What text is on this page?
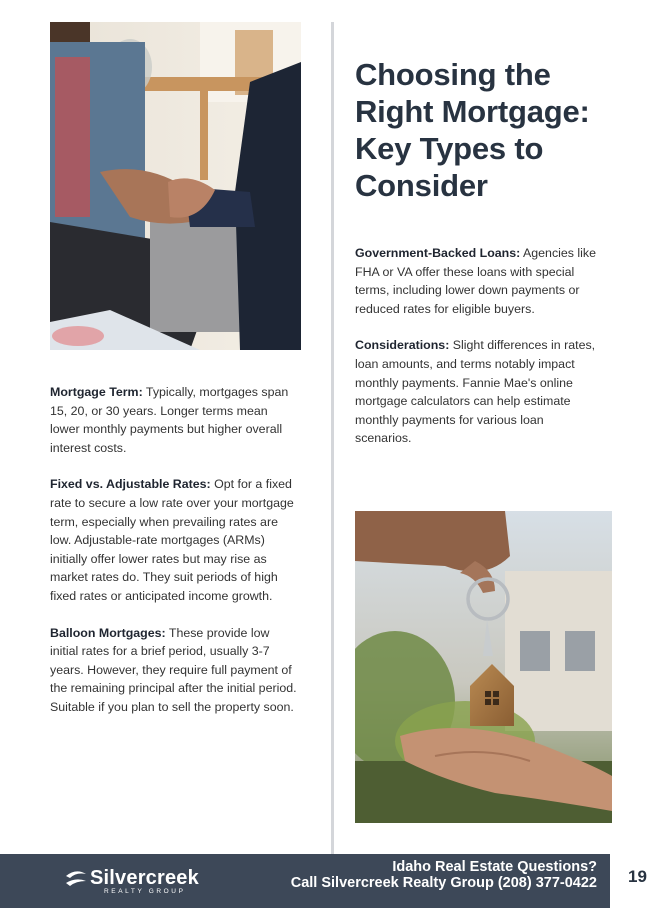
Choosing the Right Mortgage: Key Types to Consider

Mortgage Term: Typically, mortgages span 15, 20, or 30 years. Longer terms mean lower monthly payments but higher overall interest costs.

Fixed vs. Adjustable Rates: Opt for a fixed rate to secure a low rate over your mortgage term, especially when prevailing rates are low. Adjustable-rate mortgages (ARMs) initially offer lower rates but may rise as market rates do. They suit periods of high fixed rates or anticipated income growth.

Balloon Mortgages: These provide low initial rates for a brief period, usually 3-7 years. However, they require full payment of the remaining principal after the initial period. Suitable if you plan to sell the property soon.

Government-Backed Loans: Agencies like FHA or VA offer these loans with special terms, including lower down payments or reduced rates for eligible buyers.

Considerations: Slight differences in rates, loan amounts, and terms notably impact monthly payments. Fannie Mae's online mortgage calculators can help estimate monthly payments for various loan scenarios.

Silvercreek
REALTY GROUP
Idaho Real Estate Questions?
Call Silvercreek Realty Group (208) 377-0422	19
